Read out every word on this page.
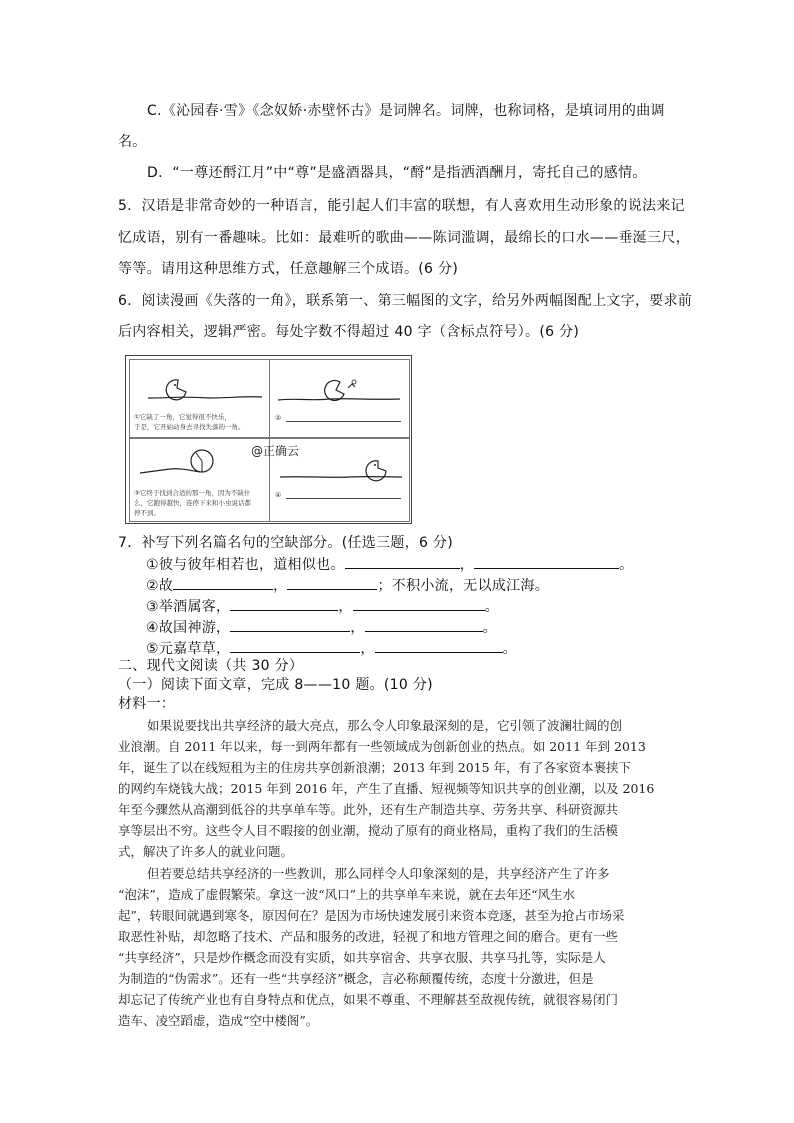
C.《沁园春·雪》《念奴娇·赤壁怀古》是词牌名。词牌，也称词格，是填词用的曲调
名。
D．“一尊还酹江月”中“尊”是盛酒器具，“酹”是指洒酒酬月，寄托自己的感情。
5．汉语是非常奇妙的一种语言，能引起人们丰富的联想，有人喜欢用生动形象的说法来记
忆成语，别有一番趣味。比如：最难听的歌曲——陈词滥调，最绵长的口水——垂涎三尺，
等等。请用这种思维方式，任意趣解三个成语。(6 分)
6．阅读漫画《失落的一角》，联系第一、第三幅图的文字，给另外两幅图配上文字，要求前
后内容相关，逻辑严密。每处字数不得超过 40 字（含标点符号）。(6 分)
①它缺了一角，它觉得很不快乐，
于是，它开始动身去寻找失落的一角。
②
③它终于找到合适的那一角，因为不缺什
么，它跑得越快，连停下来和小虫说话都
停不到。
④
@正确云
7．补写下列名篇名句的空缺部分。(任选三题，6 分)
①彼与彼年相若也，道相似也。	，	。
②故	，	；不积小流，无以成江海。
③举酒属客，	，	。
④故国神游，	，	。
⑤元嘉草草，	，	。
二、现代文阅读（共 30 分）
（一）阅读下面文章，完成 8——10 题。(10 分)
材料一：
如果说要找出共享经济的最大亮点，那么令人印象最深刻的是，它引领了波澜壮阔的创
业浪潮。自 2011 年以来，每一到两年都有一些领域成为创新创业的热点。如 2011 年到 2013
年，诞生了以在线短租为主的住房共享创新浪潮；2013 年到 2015 年，有了各家资本裹挟下
的网约车烧钱大战；2015 年到 2016 年，产生了直播、短视频等知识共享的创业潮，以及 2016
年至今骤然从高潮到低谷的共享单车等。此外，还有生产制造共享、劳务共享、科研资源共
享等层出不穷。这些令人目不暇接的创业潮，搅动了原有的商业格局，重构了我们的生活模
式，解决了许多人的就业问题。
但若要总结共享经济的一些教训，那么同样令人印象深刻的是，共享经济产生了许多
“泡沫”，造成了虚假繁荣。拿这一波“风口”上的共享单车来说，就在去年还“风生水
起”，转眼间就遇到寒冬，原因何在？是因为市场快速发展引来资本竞逐，甚至为抢占市场采
取恶性补贴，却忽略了技术、产品和服务的改进，轻视了和地方管理之间的磨合。更有一些
“共享经济”，只是炒作概念而没有实质，如共享宿舍、共享衣服、共享马扎等，实际是人
为制造的“伪需求”。还有一些“共享经济”概念，言必称颠覆传统，态度十分激进，但是
却忘记了传统产业也有自身特点和优点，如果不尊重、不理解甚至敌视传统，就很容易闭门
造车、凌空蹈虚，造成“空中楼阁”。
